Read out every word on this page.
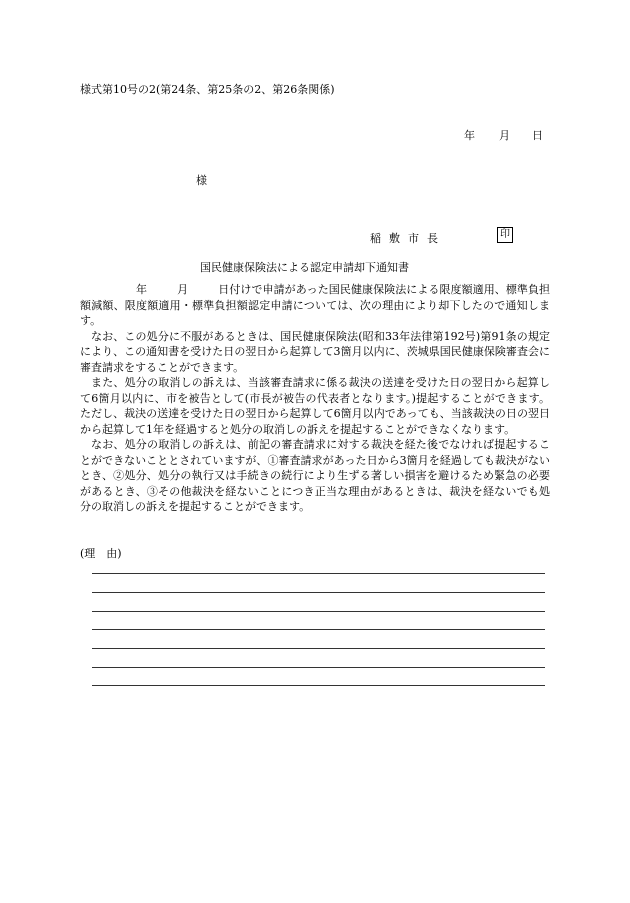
様式第10号の2(第24条、第25条の2、第26条関係)
年 月 日
様
稲敷市長	印
国民健康保険法による認定申請却下通知書

年	月	日付けで申請があった国民健康保険法による限度額適用、標準負担額減額、限度額適用・標準負担額認定申請については、次の理由により却下したので通知します。

なお、この処分に不服があるときは、国民健康保険法(昭和33年法律第192号)第91条の規定により、この通知書を受けた日の翌日から起算して3箇月以内に、茨城県国民健康保険審査会に審査請求をすることができます。

また、処分の取消しの訴えは、当該審査請求に係る裁決の送達を受けた日の翌日から起算して6箇月以内に、市を被告として(市長が被告の代表者となります。)提起することができます。ただし、裁決の送達を受けた日の翌日から起算して6箇月以内であっても、当該裁決の日の翌日から起算して1年を経過すると処分の取消しの訴えを提起することができなくなります。

なお、処分の取消しの訴えは、前記の審査請求に対する裁決を経た後でなければ提起することができないこととされていますが、①審査請求があった日から3箇月を経過しても裁決がないとき、②処分、処分の執行又は手続きの続行により生ずる著しい損害を避けるため緊急の必要があるとき、③その他裁決を経ないことにつき正当な理由があるときは、裁決を経ないでも処分の取消しの訴えを提起することができます。

(理　由)
